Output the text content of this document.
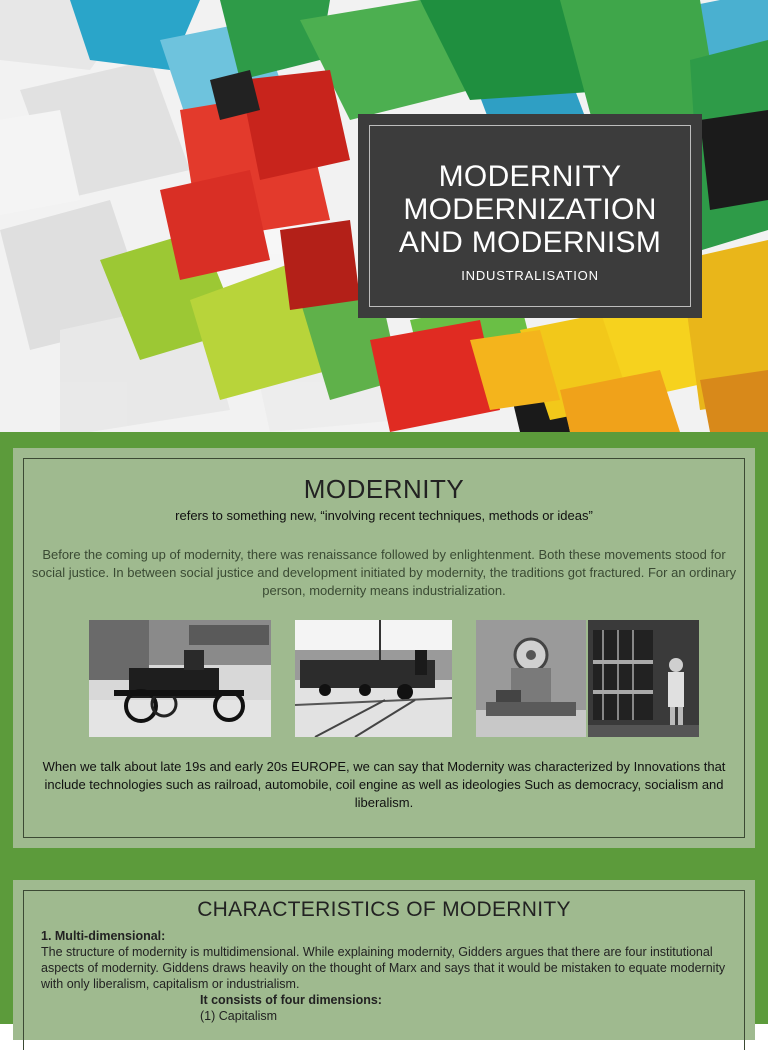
MODERNITY
MODERNIZATION
AND MODERNISM
INDUSTRALISATION
MODERNITY
refers to something new, “involving recent techniques, methods or ideas”
Before the coming up of modernity, there was renaissance followed by enlightenment. Both these movements stood for social justice. In between social justice and development initiated by modernity, the traditions got fractured. For an ordinary person, modernity means industrialization.
When we talk about late 19s and early 20s EUROPE, we can say that Modernity was characterized by Innovations that include technologies such as railroad, automobile, coil engine as well as ideologies Such as democracy, socialism and liberalism.
CHARACTERISTICS OF MODERNITY
1. Multi-dimensional:
The structure of modernity is multidimensional. While explaining modernity, Gidders argues that there are four institutional aspects of modernity. Giddens draws heavily on the thought of Marx and says that it would be mistaken to equate modernity with only liberalism, capitalism or industrialism.
It consists of four dimensions:
(1) Capitalism
